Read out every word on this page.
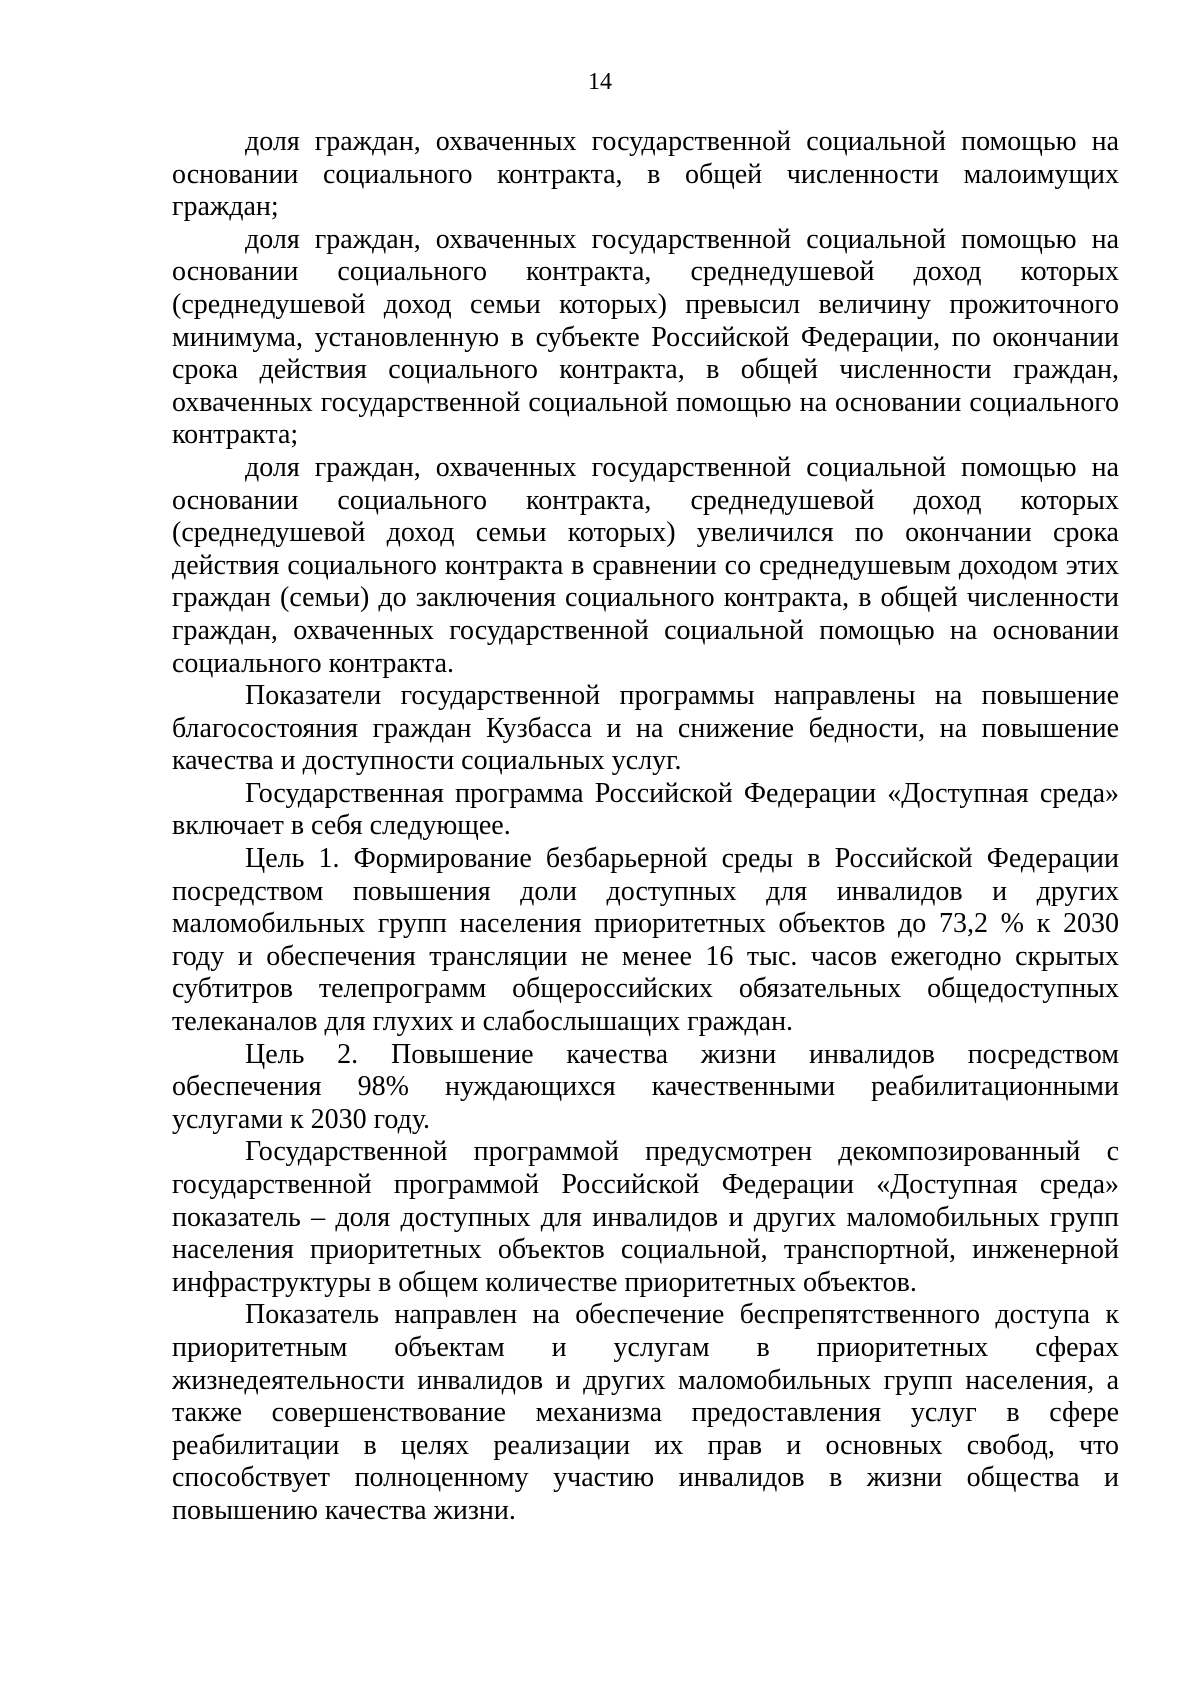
14

доля граждан, охваченных государственной социальной помощью на основании социального контракта, в общей численности малоимущих граждан;

доля граждан, охваченных государственной социальной помощью на основании социального контракта, среднедушевой доход которых (среднедушевой доход семьи которых) превысил величину прожиточного минимума, установленную в субъекте Российской Федерации, по окончании срока действия социального контракта, в общей численности граждан, охваченных государственной социальной помощью на основании социального контракта;

доля граждан, охваченных государственной социальной помощью на основании социального контракта, среднедушевой доход которых (среднедушевой доход семьи которых) увеличился по окончании срока действия социального контракта в сравнении со среднедушевым доходом этих граждан (семьи) до заключения социального контракта, в общей численности граждан, охваченных государственной социальной помощью на основании социального контракта.

Показатели государственной программы направлены на повышение благосостояния граждан Кузбасса и на снижение бедности, на повышение качества и доступности социальных услуг.

Государственная программа Российской Федерации «Доступная среда» включает в себя следующее.

Цель 1. Формирование безбарьерной среды в Российской Федерации посредством повышения доли доступных для инвалидов и других маломобильных групп населения приоритетных объектов до 73,2 % к 2030 году и обеспечения трансляции не менее 16 тыс. часов ежегодно скрытых субтитров телепрограмм общероссийских обязательных общедоступных телеканалов для глухих и слабослышащих граждан.

Цель 2. Повышение качества жизни инвалидов посредством обеспечения 98% нуждающихся качественными реабилитационными услугами к 2030 году.

Государственной программой предусмотрен декомпозированный с государственной программой Российской Федерации «Доступная среда» показатель – доля доступных для инвалидов и других маломобильных групп населения приоритетных объектов социальной, транспортной, инженерной инфраструктуры в общем количестве приоритетных объектов.

Показатель направлен на обеспечение беспрепятственного доступа к приоритетным объектам и услугам в приоритетных сферах жизнедеятельности инвалидов и других маломобильных групп населения, а также совершенствование механизма предоставления услуг в сфере реабилитации в целях реализации их прав и основных свобод, что способствует полноценному участию инвалидов в жизни общества и повышению качества жизни.
